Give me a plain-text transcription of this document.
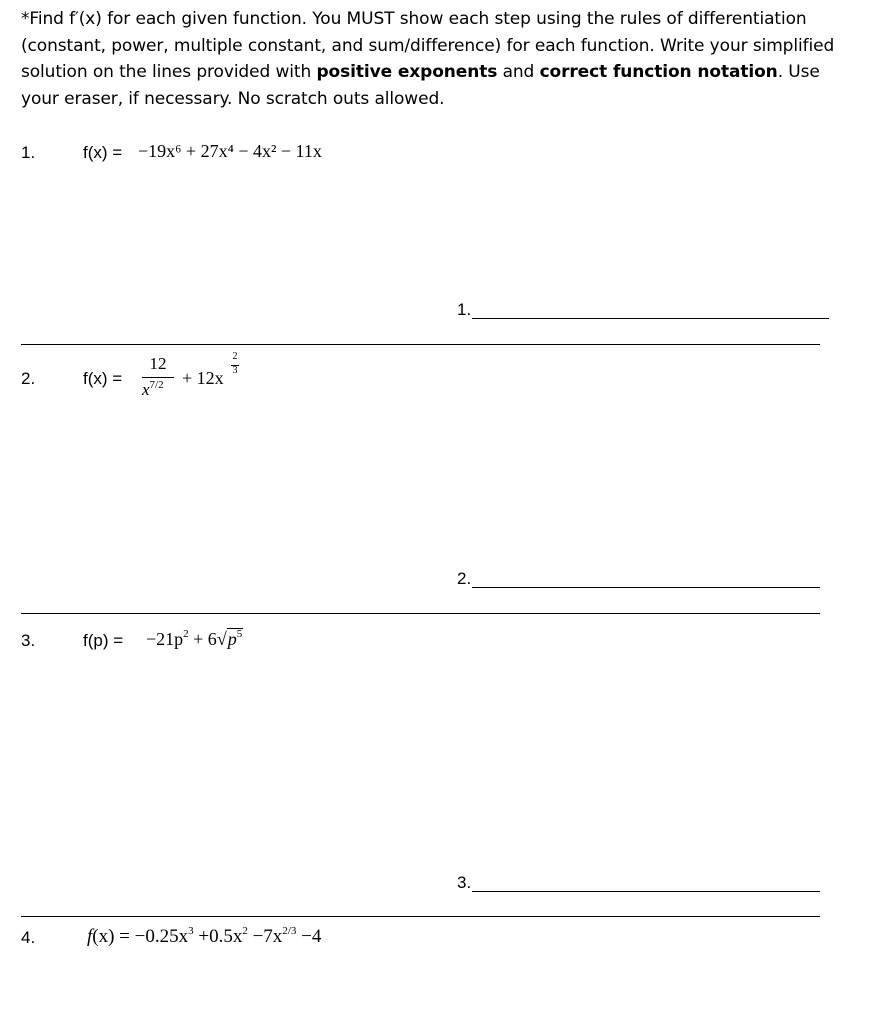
*Find f′(x) for each given function. You MUST show each step using the rules of differentiation (constant, power, multiple constant, and sum/difference) for each function. Write your simplified solution on the lines provided with positive exponents and correct function notation. Use your eraser, if necessary. No scratch outs allowed.
1.	f(x) = −19x⁶ + 27x⁴ − 4x² − 11x
1.
2.	f(x) =
12
$x^{7/2}$	+ 12x
2
3
2.
3.	$f(p) = -21p^2 + 6√p^5$
3.
4.	$f(x) = -0.25x^3 +0.5x^2 -7x^{2/3} -4$
